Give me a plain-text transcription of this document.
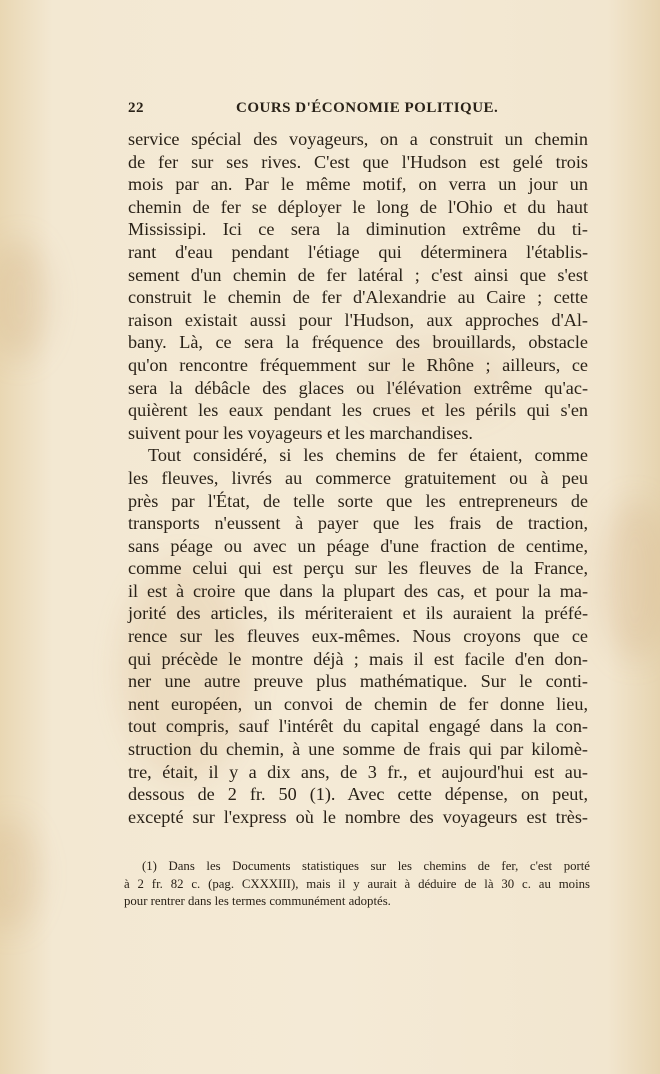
22	COURS D'ÉCONOMIE POLITIQUE.
service spécial des voyageurs, on a construit un chemin
de fer sur ses rives. C'est que l'Hudson est gelé trois
mois par an. Par le même motif, on verra un jour un
chemin de fer se déployer le long de l'Ohio et du haut
Mississipi. Ici ce sera la diminution extrême du ti-
rant d'eau pendant l'étiage qui déterminera l'établis-
sement d'un chemin de fer latéral ; c'est ainsi que s'est
construit le chemin de fer d'Alexandrie au Caire ; cette
raison existait aussi pour l'Hudson, aux approches d'Al-
bany. Là, ce sera la fréquence des brouillards, obstacle
qu'on rencontre fréquemment sur le Rhône ; ailleurs, ce
sera la débâcle des glaces ou l'élévation extrême qu'ac-
quièrent les eaux pendant les crues et les périls qui s'en
suivent pour les voyageurs et les marchandises.
Tout considéré, si les chemins de fer étaient, comme
les fleuves, livrés au commerce gratuitement ou à peu
près par l'État, de telle sorte que les entrepreneurs de
transports n'eussent à payer que les frais de traction,
sans péage ou avec un péage d'une fraction de centime,
comme celui qui est perçu sur les fleuves de la France,
il est à croire que dans la plupart des cas, et pour la ma-
jorité des articles, ils mériteraient et ils auraient la préfé-
rence sur les fleuves eux-mêmes. Nous croyons que ce
qui précède le montre déjà ; mais il est facile d'en don-
ner une autre preuve plus mathématique. Sur le conti-
nent européen, un convoi de chemin de fer donne lieu,
tout compris, sauf l'intérêt du capital engagé dans la con-
struction du chemin, à une somme de frais qui par kilomè-
tre, était, il y a dix ans, de 3 fr., et aujourd'hui est au-
dessous de 2 fr. 50 (1). Avec cette dépense, on peut,
excepté sur l'express où le nombre des voyageurs est très-
(1) Dans les Documents statistiques sur les chemins de fer, c'est porté
à 2 fr. 82 c. (pag. CXXXIII), mais il y aurait à déduire de là 30 c. au moins
pour rentrer dans les termes communément adoptés.
